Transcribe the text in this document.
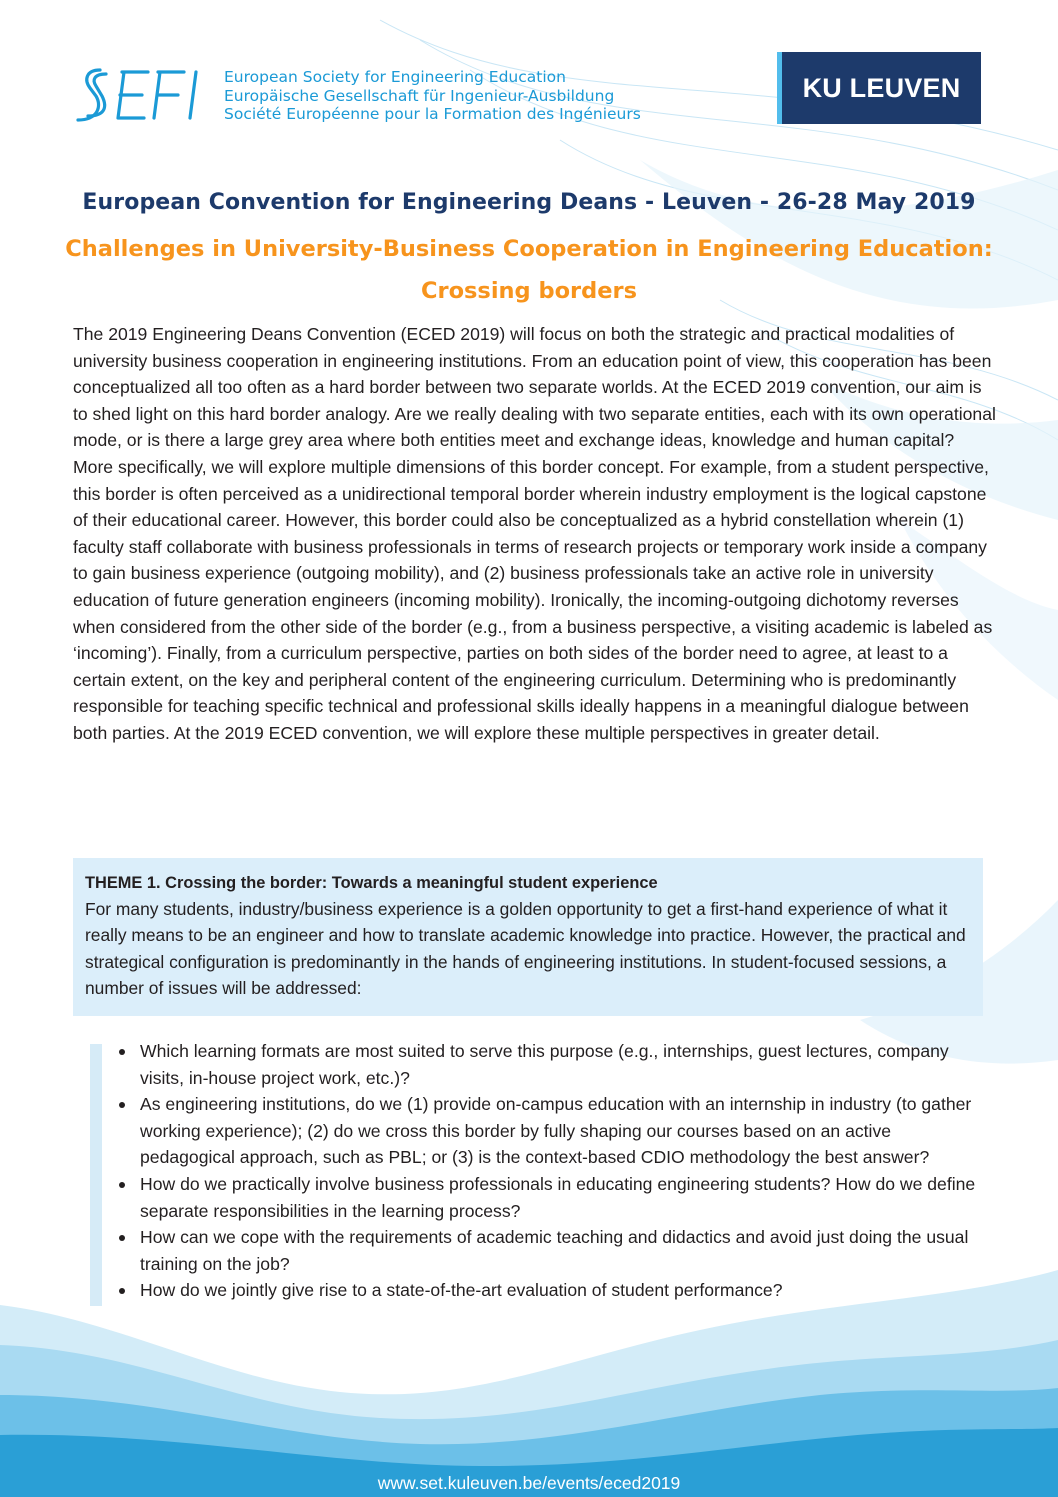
European Society for Engineering Education
Europäische Gesellschaft für Ingenieur-Ausbildung
Société Européenne pour la Formation des Ingénieurs
KU LEUVEN
European Convention for Engineering Deans - Leuven - 26-28 May 2019
Challenges in University-Business Cooperation in Engineering Education:
Crossing borders

The 2019 Engineering Deans Convention (ECED 2019) will focus on both the strategic and practical modalities of university business cooperation in engineering institutions. From an education point of view, this cooperation has been conceptualized all too often as a hard border between two separate worlds. At the ECED 2019 convention, our aim is to shed light on this hard border analogy. Are we really dealing with two separate entities, each with its own operational mode, or is there a large grey area where both entities meet and exchange ideas, knowledge and human capital?

More specifically, we will explore multiple dimensions of this border concept. For example, from a student perspective, this border is often perceived as a unidirectional temporal border wherein industry employment is the logical capstone of their educational career. However, this border could also be conceptualized as a hybrid constellation wherein (1) faculty staff collaborate with business professionals in terms of research projects or temporary work inside a company to gain business experience (outgoing mobility), and (2) business professionals take an active role in university education of future generation engineers (incoming mobility). Ironically, the incoming-outgoing dichotomy reverses when considered from the other side of the border (e.g., from a business perspective, a visiting academic is labeled as ‘incoming’). Finally, from a curriculum perspective, parties on both sides of the border need to agree, at least to a certain extent, on the key and peripheral content of the engineering curriculum. Determining who is predominantly responsible for teaching specific technical and professional skills ideally happens in a meaningful dialogue between both parties. At the 2019 ECED convention, we will explore these multiple perspectives in greater detail.

THEME 1. Crossing the border: Towards a meaningful student experience
For many students, industry/business experience is a golden opportunity to get a first-hand experience of what it really means to be an engineer and how to translate academic knowledge into practice. However, the practical and strategical configuration is predominantly in the hands of engineering institutions. In student-focused sessions, a number of issues will be addressed:
Which learning formats are most suited to serve this purpose (e.g., internships, guest lectures, company visits, in-house project work, etc.)?
As engineering institutions, do we (1) provide on-campus education with an internship in industry (to gather working experience); (2) do we cross this border by fully shaping our courses based on an active pedagogical approach, such as PBL; or (3) is the context-based CDIO methodology the best answer?
How do we practically involve business professionals in educating engineering students? How do we define separate responsibilities in the learning process?
How can we cope with the requirements of academic teaching and didactics and avoid just doing the usual training on the job?
How do we jointly give rise to a state-of-the-art evaluation of student performance?
www.set.kuleuven.be/events/eced2019
